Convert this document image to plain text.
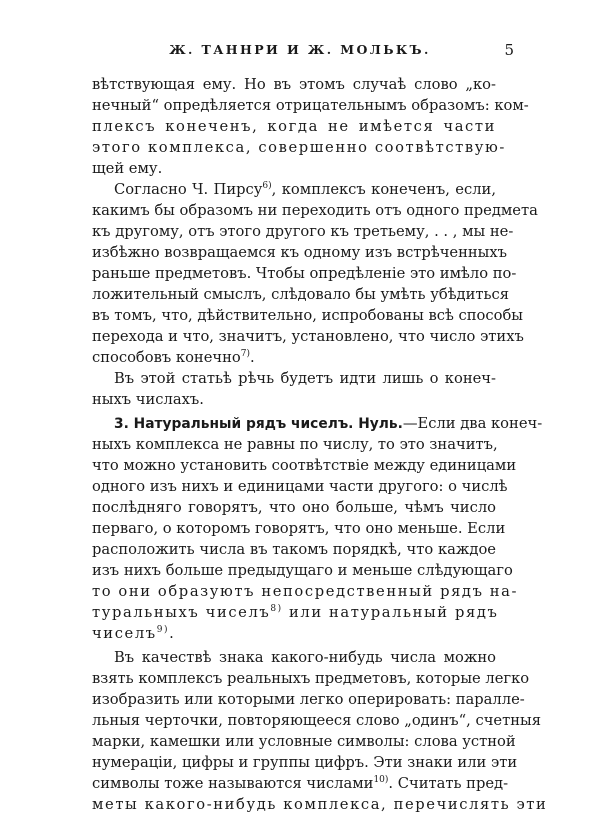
Ж. ТАННРИ И Ж. МОЛЬКЪ.	5
вѣтствующая ему. Но въ этомъ случаѣ слово „ко-
нечный“ опредѣляется отрицательнымъ образомъ: ком-
плексъ конеченъ, когда не имѣется части
этого комплекса, совершенно соотвѣтствую-
щей ему.
Согласно Ч. Пирсу$^{6)}$, комплексъ конеченъ, если,
какимъ бы образомъ ни переходить отъ одного предмета
къ другому, отъ этого другого къ третьему, . . , мы не-
избѣжно возвращаемся къ одному изъ встрѣченныхъ
раньше предметовъ. Чтобы опредѣленіе это имѣло по-
ложительный смыслъ, слѣдовало бы умѣть убѣдиться
въ томъ, что, дѣйствительно, испробованы всѣ способы
перехода и что, значитъ, установлено, что число этихъ
способовъ конечно$^{7)}$.
Въ этой статьѣ рѣчь будетъ идти лишь о конеч-
ныхъ числахъ.
3. Натуральный рядъ чиселъ. Нуль.—Если два конеч-
ныхъ комплекса не равны по числу, то это значитъ,
что можно установить соотвѣтствіе между единицами
одного изъ нихъ и единицами части другого: о числѣ
послѣдняго говорятъ, что оно больше, чѣмъ число
перваго, о которомъ говорятъ, что оно меньше. Если
расположить числа въ такомъ порядкѣ, что каждое
изъ нихъ больше предыдущаго и меньше слѣдующаго
то они образуютъ непосредственный рядъ на-
туральныхъ чиселъ$^{8)}$ или натуральный рядъ
чиселъ$^{9)}$.
Въ качествѣ знака какого-нибудь числа можно
взять комплексъ реальныхъ предметовъ, которые легко
изобразить или которыми легко оперировать: паралле-
льныя черточки, повторяющееся слово „одинъ“, счетныя
марки, камешки или условные символы: слова устной
нумераціи, цифры и группы цифръ. Эти знаки или эти
символы тоже называются числами$^{10)}$. Считать пред-
меты какого-нибудь комплекса, перечислять эти
